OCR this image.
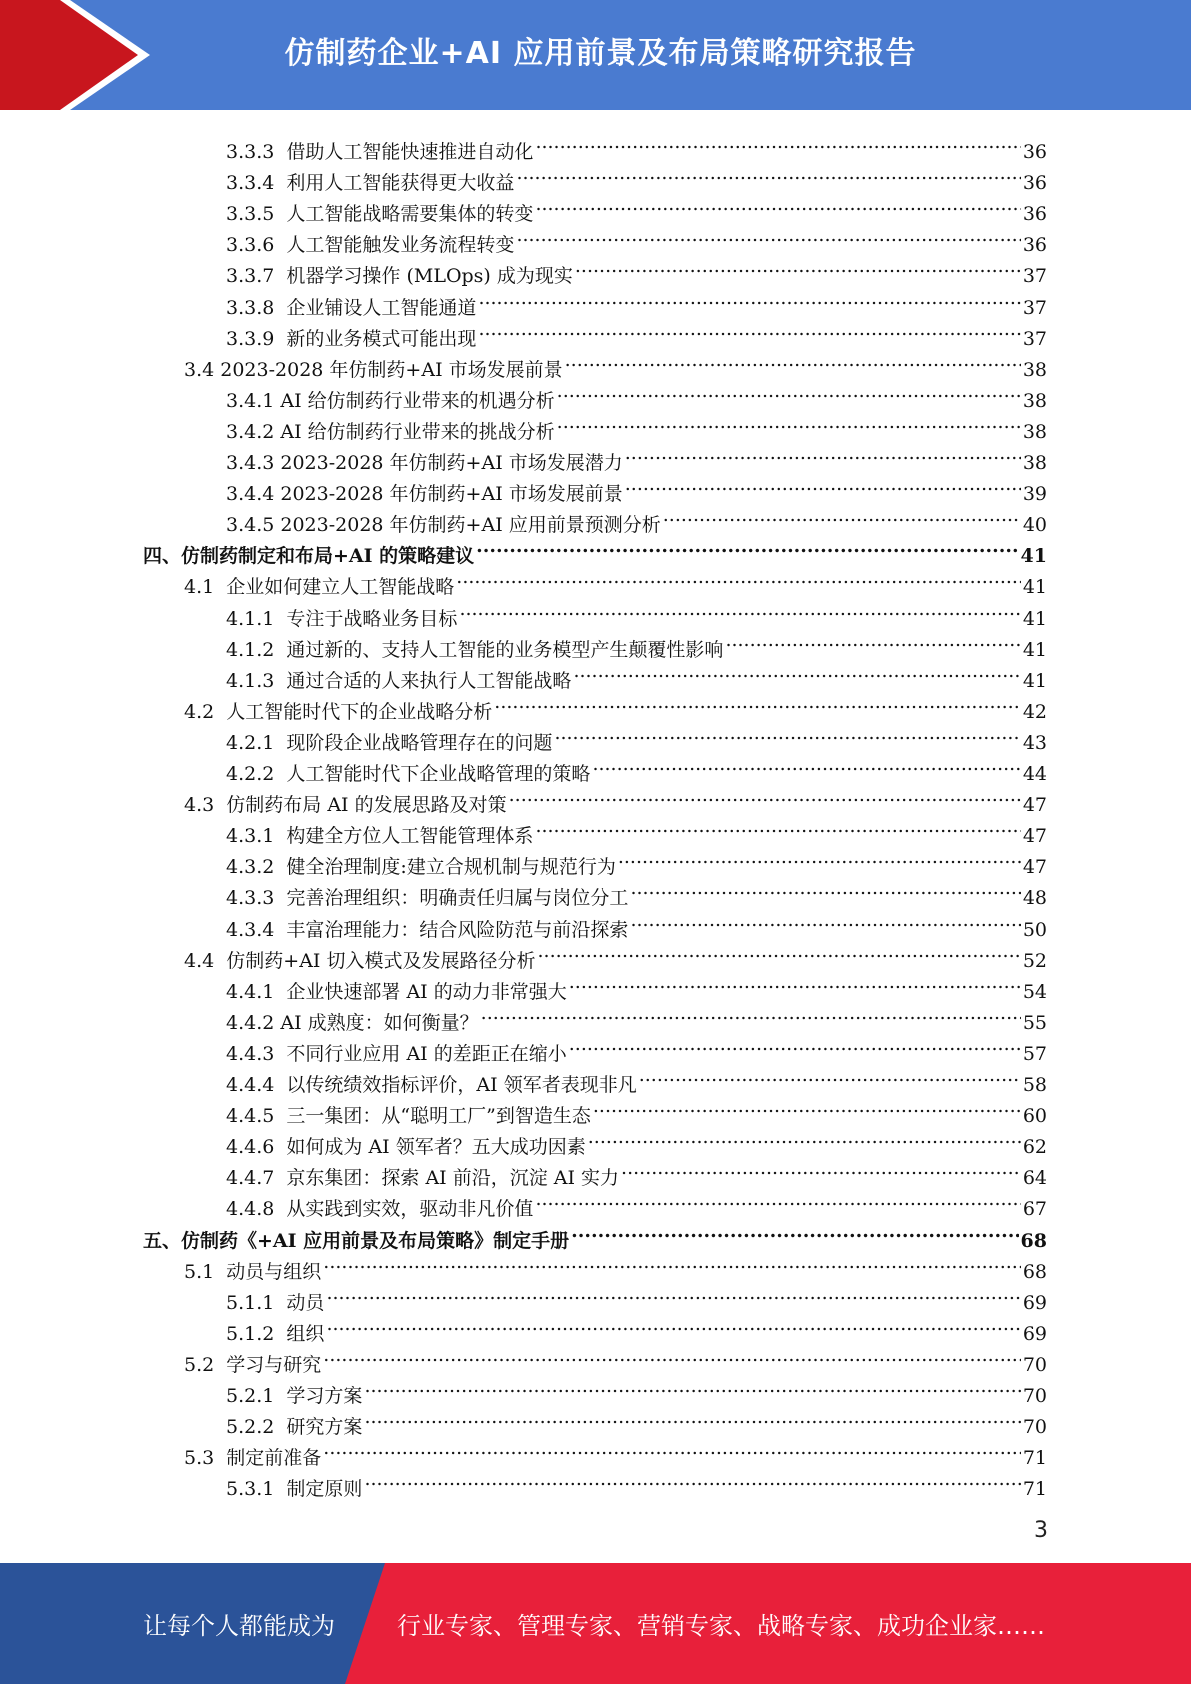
仿制药企业+AI 应用前景及布局策略研究报告
3.3.3  借助人工智能快速推进自动化 .....	36
3.3.4  利用人工智能获得更大收益 .....	36
3.3.5  人工智能战略需要集体的转变 .....	36
3.3.6  人工智能触发业务流程转变 .....	36
3.3.7  机器学习操作 (MLOps) 成为现实 .....	37
3.3.8  企业铺设人工智能通道 .....	37
3.3.9  新的业务模式可能出现 .....	37
3.4 2023-2028 年仿制药+AI 市场发展前景 .....	38
3.4.1 AI 给仿制药行业带来的机遇分析 .....	38
3.4.2 AI 给仿制药行业带来的挑战分析 .....	38
3.4.3 2023-2028 年仿制药+AI 市场发展潜力 .....	38
3.4.4 2023-2028 年仿制药+AI 市场发展前景 .....	39
3.4.5 2023-2028 年仿制药+AI 应用前景预测分析 .....	40
四、仿制药制定和布局+AI 的策略建议 .....	41
4.1  企业如何建立人工智能战略 .....	41
4.1.1  专注于战略业务目标 .....	41
4.1.2  通过新的、支持人工智能的业务模型产生颠覆性影响 .....	41
4.1.3  通过合适的人来执行人工智能战略 .....	41
4.2  人工智能时代下的企业战略分析 .....	42
4.2.1  现阶段企业战略管理存在的问题 .....	43
4.2.2  人工智能时代下企业战略管理的策略 .....	44
4.3  仿制药布局 AI 的发展思路及对策 .....	47
4.3.1  构建全方位人工智能管理体系 .....	47
4.3.2  健全治理制度:建立合规机制与规范行为 .....	47
4.3.3  完善治理组织：明确责任归属与岗位分工 .....	48
4.3.4  丰富治理能力：结合风险防范与前沿探索 .....	50
4.4  仿制药+AI 切入模式及发展路径分析 .....	52
4.4.1  企业快速部署 AI 的动力非常强大 .....	54
4.4.2 AI 成熟度：如何衡量？ .....	55
4.4.3  不同行业应用 AI 的差距正在缩小 .....	57
4.4.4  以传统绩效指标评价，AI 领军者表现非凡 .....	58
4.4.5  三一集团：从“聪明工厂”到智造生态 .....	60
4.4.6  如何成为 AI 领军者？五大成功因素 .....	62
4.4.7  京东集团：探索 AI 前沿，沉淀 AI 实力 .....	64
4.4.8  从实践到实效，驱动非凡价值 .....	67
五、仿制药《+AI 应用前景及布局策略》制定手册 .....	68
5.1  动员与组织 .....	68
5.1.1  动员 .....	69
5.1.2  组织 .....	69
5.2  学习与研究 .....	70
5.2.1  学习方案 .....	70
5.2.2  研究方案 .....	70
5.3  制定前准备 .....	71
5.3.1  制定原则 .....	71
3
让每个人都能成为	行业专家、管理专家、营销专家、战略专家、成功企业家……
